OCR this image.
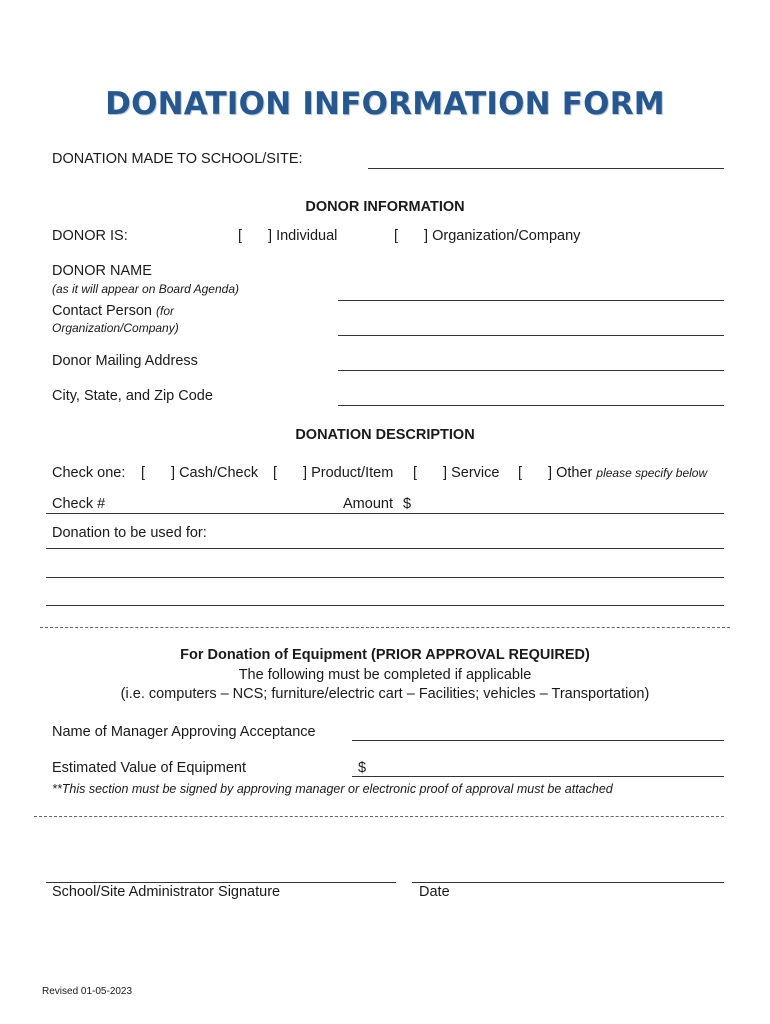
DONATION INFORMATION FORM
DONATION MADE TO SCHOOL/SITE:
DONOR INFORMATION
DONOR IS:	[ ] Individual	[ ] Organization/Company
DONOR NAME
(as it will appear on Board Agenda)
Contact Person (for
Organization/Company)
Donor Mailing Address
City, State, and Zip Code
DONATION DESCRIPTION
Check one: [ ] Cash/Check [ ] Product/Item [ ] Service [ ] Other please specify below
Check #	Amount $
Donation to be used for:
For Donation of Equipment (PRIOR APPROVAL REQUIRED)
The following must be completed if applicable
(i.e. computers – NCS; furniture/electric cart – Facilities; vehicles – Transportation)
Name of Manager Approving Acceptance
Estimated Value of Equipment	$
**This section must be signed by approving manager or electronic proof of approval must be attached
School/Site Administrator Signature	Date
Revised 01-05-2023
